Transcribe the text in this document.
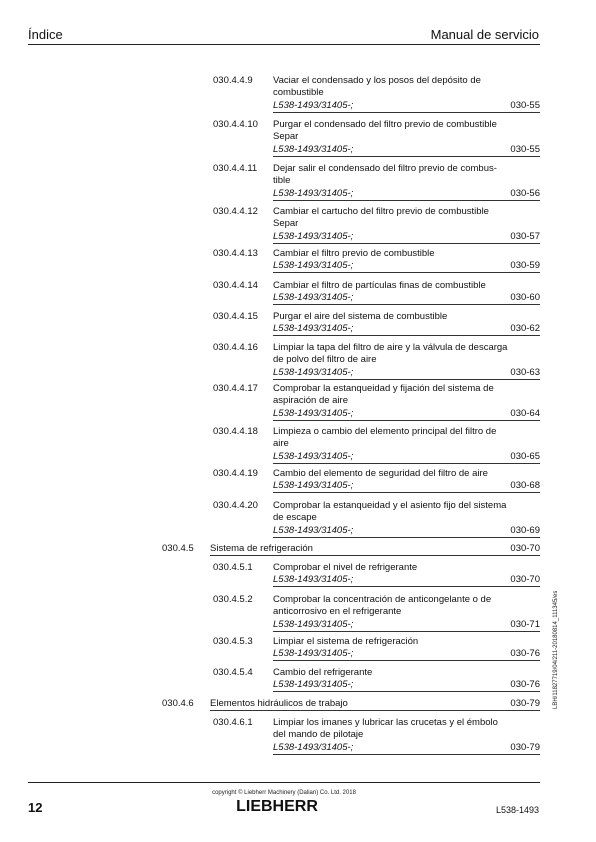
Índice	Manual de servicio
030.4.4.9	Vaciar el condensado y los posos del depósito de combustible
L538-1493/31405-;	030-55
030.4.4.10	Purgar el condensado del filtro previo de combustible Separ
L538-1493/31405-;	030-55
030.4.4.11	Dejar salir el condensado del filtro previo de combus- tible
L538-1493/31405-;	030-56
030.4.4.12	Cambiar el cartucho del filtro previo de combustible Separ
L538-1493/31405-;	030-57
030.4.4.13	Cambiar el filtro previo de combustible
L538-1493/31405-;	030-59
030.4.4.14	Cambiar el filtro de partículas finas de combustible
L538-1493/31405-;	030-60
030.4.4.15	Purgar el aire del sistema de combustible
L538-1493/31405-;	030-62
030.4.4.16	Limpiar la tapa del filtro de aire y la válvula de descarga de polvo del filtro de aire
L538-1493/31405-;	030-63
030.4.4.17	Comprobar la estanqueidad y fijación del sistema de aspiración de aire
L538-1493/31405-;	030-64
030.4.4.18	Limpieza o cambio del elemento principal del filtro de aire
L538-1493/31405-;	030-65
030.4.4.19	Cambio del elemento de seguridad del filtro de aire
L538-1493/31405-;	030-68
030.4.4.20	Comprobar la estanqueidad y el asiento fijo del sistema de escape
L538-1493/31405-;	030-69
030.4.5	Sistema de refrigeración	030-70
030.4.5.1	Comprobar el nivel de refrigerante
L538-1493/31405-;	030-70
030.4.5.2	Comprobar la concentración de anticongelante o de anticorrosivo en el refrigerante
L538-1493/31405-;	030-71
030.4.5.3	Limpiar el sistema de refrigeración
L538-1493/31405-;	030-76
030.4.5.4	Cambio del refrigerante
L538-1493/31405-;	030-76
030.4.6	Elementos hidráulicos de trabajo	030-79
030.4.6.1	Limpiar los imanes y lubricar las crucetas y el émbolo del mando de pilotaje
L538-1493/31405-;	030-79
LBH/11827719/04/211-20180814_111345/es
copyright © Liebherr Machinery (Dalian) Co. Ltd. 2018
12	LIEBHERR	L538-1493
